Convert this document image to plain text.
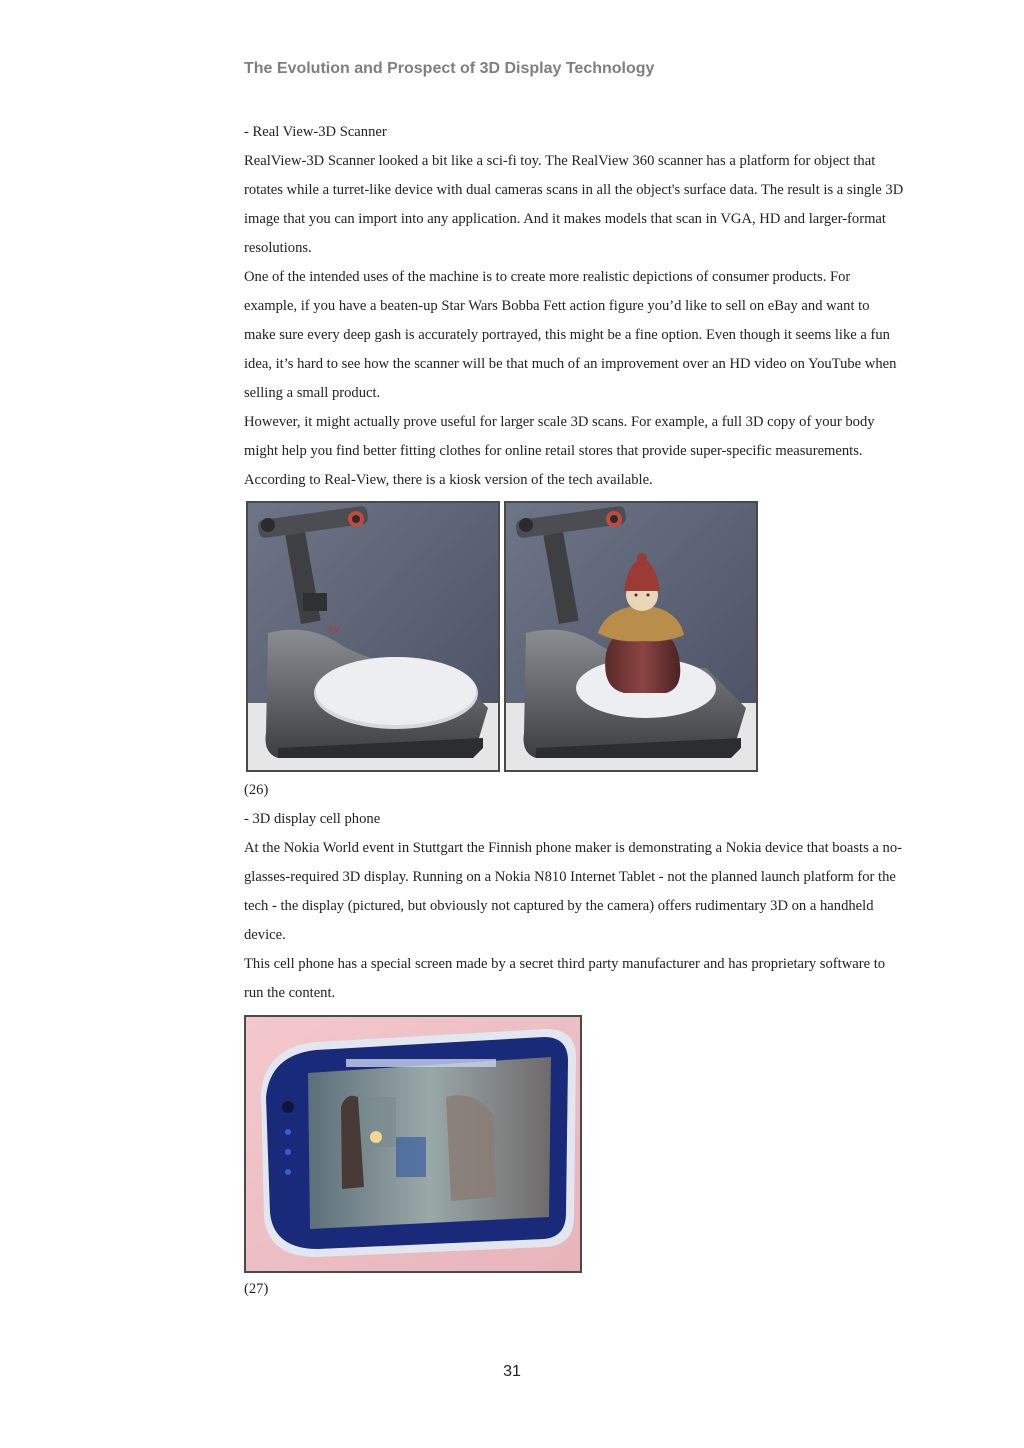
The Evolution and Prospect of 3D Display Technology

- Real View-3D Scanner

RealView-3D Scanner looked a bit like a sci-fi toy. The RealView 360 scanner has a platform for object that rotates while a turret-like device with dual cameras scans in all the object's surface data. The result is a single 3D image that you can import into any application. And it makes models that scan in VGA, HD and larger-format resolutions.

One of the intended uses of the machine is to create more realistic depictions of consumer products. For example, if you have a beaten-up Star Wars Bobba Fett action figure you’d like to sell on eBay and want to make sure every deep gash is accurately portrayed, this might be a fine option. Even though it seems like a fun idea, it’s hard to see how the scanner will be that much of an improvement over an HD video on YouTube when selling a small product.

However, it might actually prove useful for larger scale 3D scans. For example, a full 3D copy of your body might help you find better fitting clothes for online retail stores that provide super-specific measurements. According to Real-View, there is a kiosk version of the tech available.

RV
(26)

- 3D display cell phone

At the Nokia World event in Stuttgart the Finnish phone maker is demonstrating a Nokia device that boasts a no-glasses-required 3D display. Running on a Nokia N810 Internet Tablet - not the planned launch platform for the tech - the display (pictured, but obviously not captured by the camera) offers rudimentary 3D on a handheld device.

This cell phone has a special screen made by a secret third party manufacturer and has proprietary software to run the content.

(27)
31
